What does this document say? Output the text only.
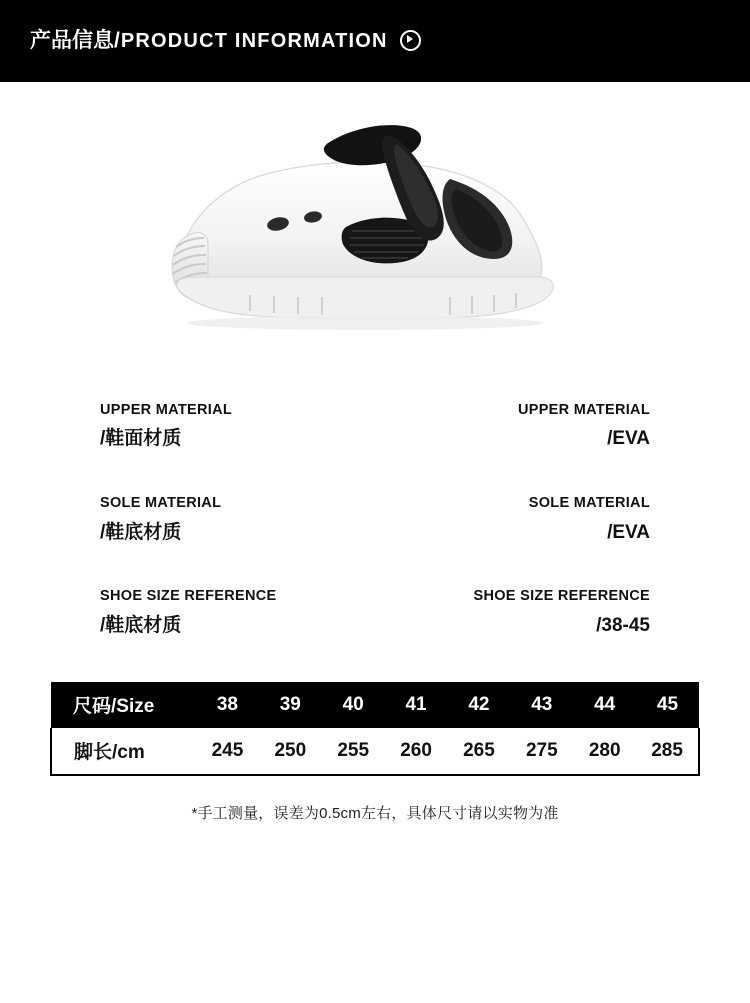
产品信息 / PRODUCT INFORMATION
UPPER MATERIAL
/鞋面材质
UPPER MATERIAL
/EVA
SOLE MATERIAL
/鞋底材质
SOLE MATERIAL
/EVA
SHOE SIZE REFERENCE
/鞋底材质
SHOE SIZE REFERENCE
/38-45
尺码/Size	38	39	40	41	42	43	44	45
脚长/cm	245	250	255	260	265	275	280	285
*手工测量，误差为0.5cm左右，具体尺寸请以实物为准
